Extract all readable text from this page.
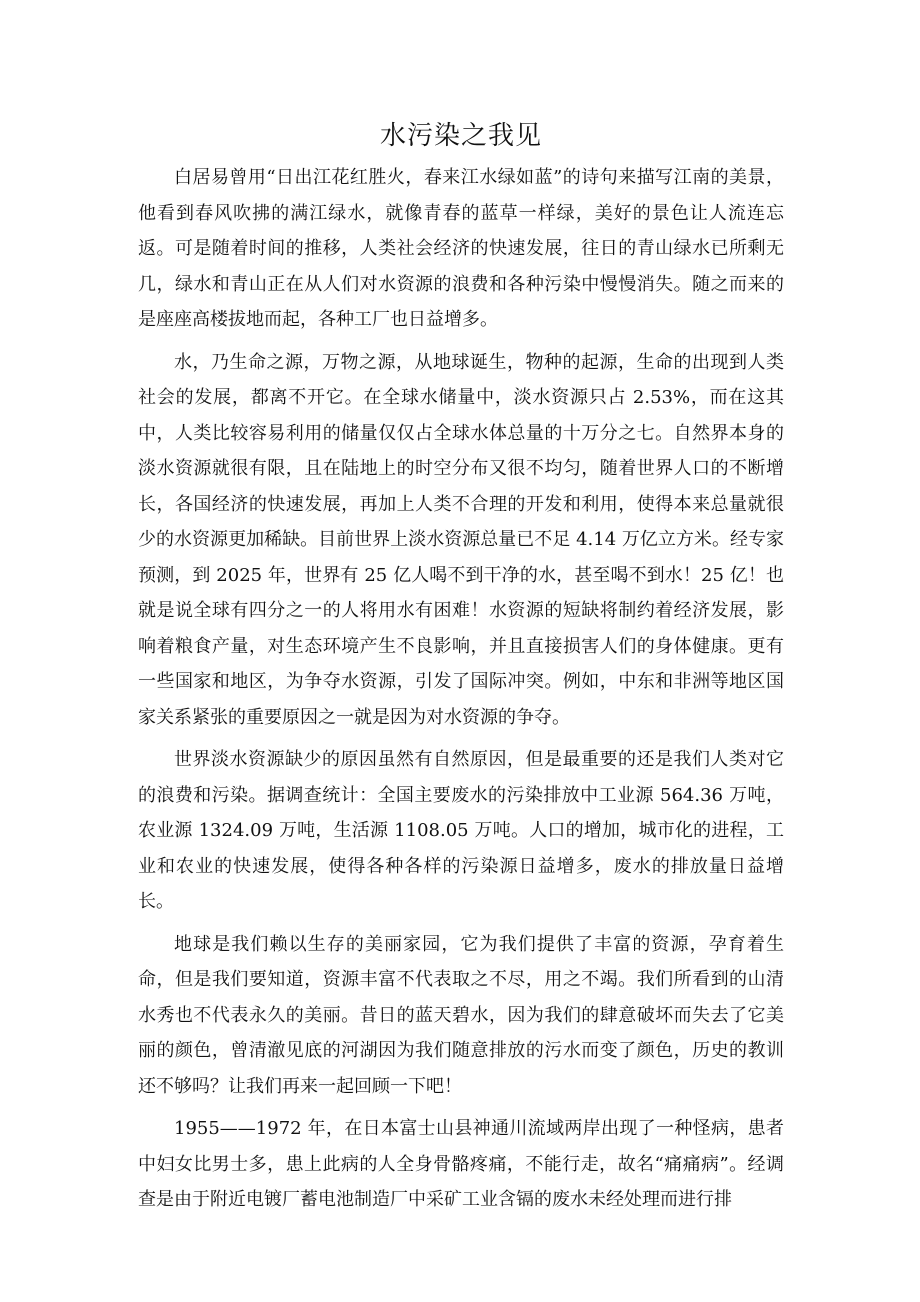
水污染之我见

白居易曾用“日出江花红胜火，春来江水绿如蓝”的诗句来描写江南的美景，他看到春风吹拂的满江绿水，就像青春的蓝草一样绿，美好的景色让人流连忘返。可是随着时间的推移，人类社会经济的快速发展，往日的青山绿水已所剩无几，绿水和青山正在从人们对水资源的浪费和各种污染中慢慢消失。随之而来的是座座高楼拔地而起，各种工厂也日益增多。

水，乃生命之源，万物之源，从地球诞生，物种的起源，生命的出现到人类社会的发展，都离不开它。在全球水储量中，淡水资源只占 2.53%，而在这其中，人类比较容易利用的储量仅仅占全球水体总量的十万分之七。自然界本身的淡水资源就很有限，且在陆地上的时空分布又很不均匀，随着世界人口的不断增长，各国经济的快速发展，再加上人类不合理的开发和利用，使得本来总量就很少的水资源更加稀缺。目前世界上淡水资源总量已不足 4.14 万亿立方米。经专家预测，到 2025 年，世界有 25 亿人喝不到干净的水，甚至喝不到水！25 亿！也就是说全球有四分之一的人将用水有困难！水资源的短缺将制约着经济发展，影响着粮食产量，对生态环境产生不良影响，并且直接损害人们的身体健康。更有一些国家和地区，为争夺水资源，引发了国际冲突。例如，中东和非洲等地区国家关系紧张的重要原因之一就是因为对水资源的争夺。

世界淡水资源缺少的原因虽然有自然原因，但是最重要的还是我们人类对它的浪费和污染。据调查统计：全国主要废水的污染排放中工业源 564.36 万吨，农业源 1324.09 万吨，生活源 1108.05 万吨。人口的增加，城市化的进程，工业和农业的快速发展，使得各种各样的污染源日益增多，废水的排放量日益增长。

地球是我们赖以生存的美丽家园，它为我们提供了丰富的资源，孕育着生命，但是我们要知道，资源丰富不代表取之不尽，用之不竭。我们所看到的山清水秀也不代表永久的美丽。昔日的蓝天碧水，因为我们的肆意破坏而失去了它美丽的颜色，曾清澈见底的河湖因为我们随意排放的污水而变了颜色，历史的教训还不够吗？让我们再来一起回顾一下吧！

1955——1972 年，在日本富士山县神通川流域两岸出现了一种怪病，患者中妇女比男士多，患上此病的人全身骨骼疼痛，不能行走，故名“痛痛病”。经调查是由于附近电镀厂蓄电池制造厂中采矿工业含镉的废水未经处理而进行排
